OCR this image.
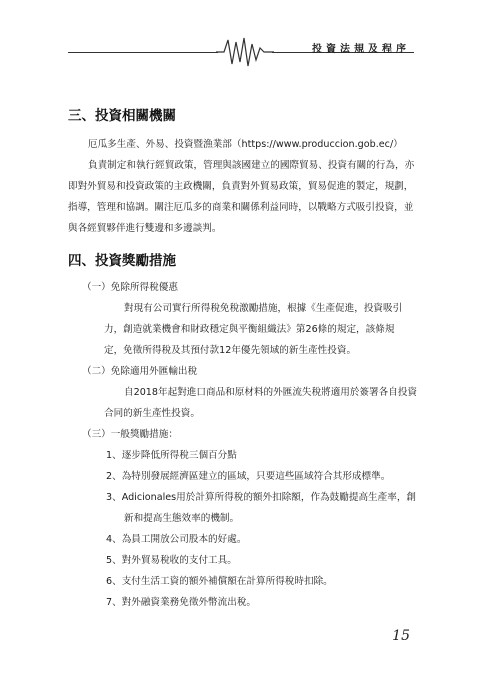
投資法規及程序
三、投資相關機關
厄瓜多生產、外易、投資暨漁業部（https://www.produccion.gob.ec/）
負責制定和執行經貿政策，管理與該國建立的國際貿易、投資有關的行為，亦
即對外貿易和投資政策的主政機關，負責對外貿易政策，貿易促進的製定，規劃，
指導，管理和協調。關注厄瓜多的商業和關係利益同時，以戰略方式吸引投資，並
與各經貿夥伴進行雙邊和多邊談判。
四、投資獎勵措施
（一）免除所得稅優惠
對現有公司實行所得稅免稅激勵措施，根據《生產促進，投資吸引
力，創造就業機會和財政穩定與平衡組織法》第26條的規定，該條規
定，免徵所得稅及其預付款12年優先領域的新生產性投資。
（二）免除適用外匯輸出稅
自2018年起對進口商品和原材料的外匯流失稅將適用於簽署各自投資
合同的新生產性投資。
（三）一般獎勵措施：
1、逐步降低所得稅三個百分點
2、為特別發展經濟區建立的區域，只要這些區域符合其形成標準。
3、Adicionales用於計算所得稅的額外扣除額，作為鼓勵提高生產率，創
新和提高生態效率的機制。
4、為員工開放公司股本的好處。
5、對外貿易稅收的支付工具。
6、支付生活工資的額外補償額在計算所得稅時扣除。
7、對外融資業務免徵外幣流出稅。
15
